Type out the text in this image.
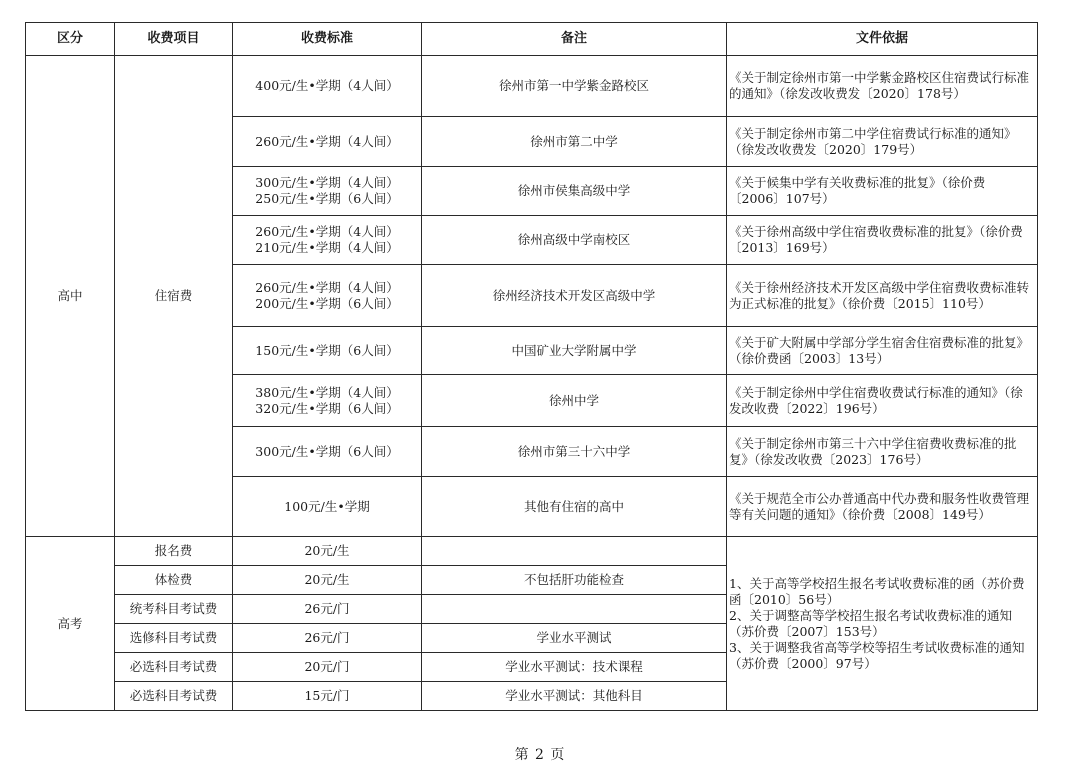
区分	收费项目	收费标准	备注	文件依据
高中	住宿费	400元/生•学期（4人间）	徐州市第一中学紫金路校区	《关于制定徐州市第一中学紫金路校区住宿费试行标准的通知》（徐发改收费发〔2020〕178号）

		260元/生•学期（4人间）	徐州市第二中学	《关于制定徐州市第二中学住宿费试行标准的通知》（徐发改收费发〔2020〕179号）

		300元/生•学期（4人间）
250元/生•学期（6人间）	徐州市侯集高级中学	《关于候集中学有关收费标准的批复》（徐价费〔2006〕107号）

		260元/生•学期（4人间）
210元/生•学期（4人间）	徐州高级中学南校区	《关于徐州高级中学住宿费收费标准的批复》（徐价费〔2013〕169号）

		260元/生•学期（4人间）
200元/生•学期（6人间）	徐州经济技术开发区高级中学	《关于徐州经济技术开发区高级中学住宿费收费标准转为正式标准的批复》（徐价费〔2015〕110号）

		150元/生•学期（6人间）	中国矿业大学附属中学	《关于矿大附属中学部分学生宿舍住宿费标准的批复》（徐价费函〔2003〕13号）

		380元/生•学期（4人间）
320元/生•学期（6人间）	徐州中学	《关于制定徐州中学住宿费收费试行标准的通知》（徐发改收费〔2022〕196号）

		300元/生•学期（6人间）	徐州市第三十六中学	《关于制定徐州市第三十六中学住宿费收费标准的批复》（徐发改收费〔2023〕176号）

		100元/生•学期	其他有住宿的高中	《关于规范全市公办普通高中代办费和服务性收费管理等有关问题的通知》（徐价费〔2008〕149号）
高考	报名费	20元/生		1、关于高等学校招生报名考试收费标准的函（苏价费函〔2010〕56号）
2、关于调整高等学校招生报名考试收费标准的通知（苏价费〔2007〕153号）
3、关于调整我省高等学校等招生考试收费标准的通知（苏价费〔2000〕97号）

	体检费	20元/生	不包括肝功能检查	
	统考科目考试费	26元/门		
	选修科目考试费	26元/门	学业水平测试	
	必选科目考试费	20元/门	学业水平测试：技术课程	
	必选科目考试费	15元/门	学业水平测试：其他科目	
第 2 页
